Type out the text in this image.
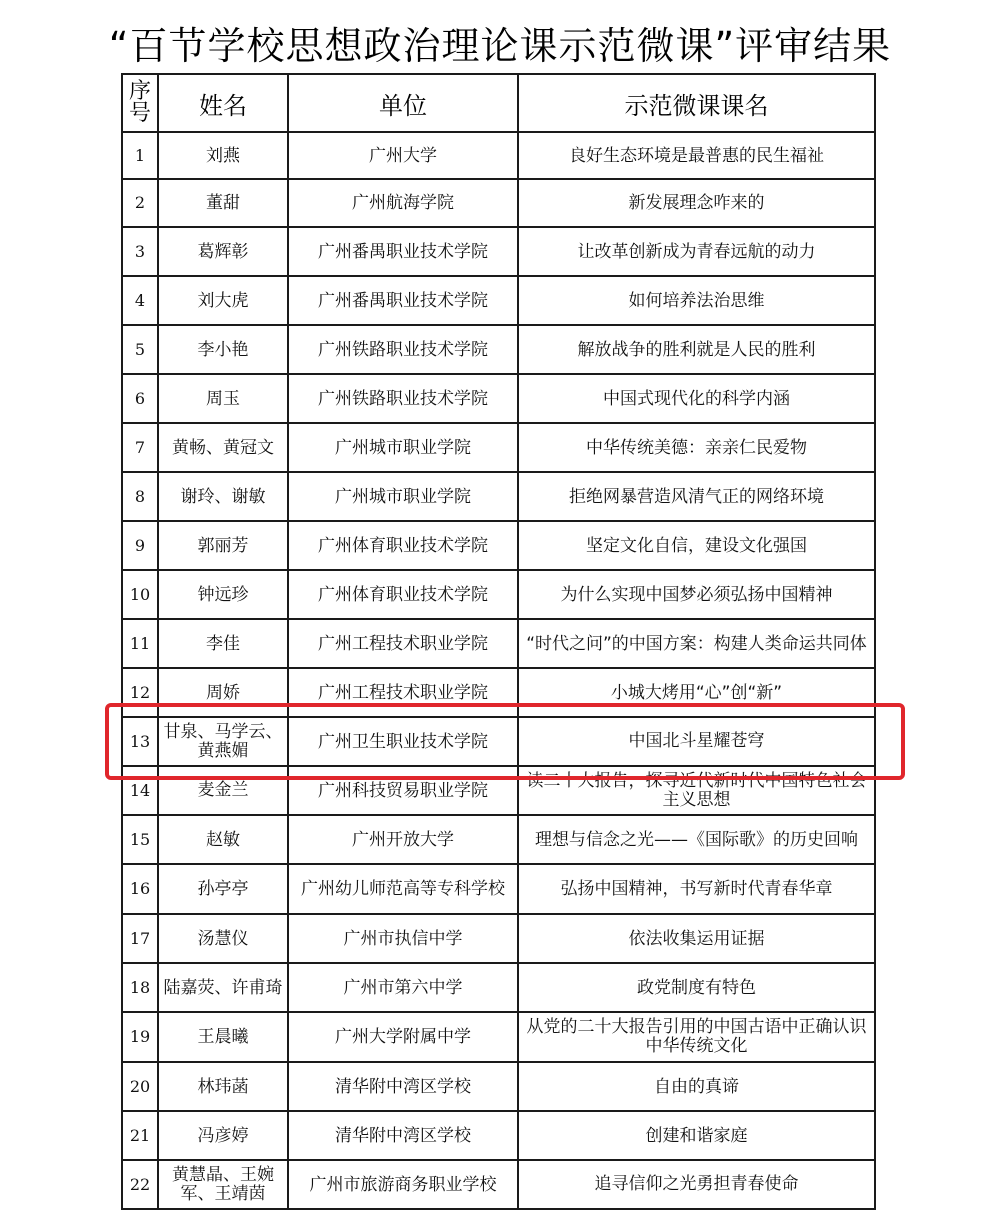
“百节学校思想政治理论课示范微课”评审结果
序
号	姓名	单位	示范微课课名
1	刘燕	广州大学	良好生态环境是最普惠的民生福祉
2	董甜	广州航海学院	新发展理念咋来的
3	葛辉彰	广州番禺职业技术学院	让改革创新成为青春远航的动力
4	刘大虎	广州番禺职业技术学院	如何培养法治思维
5	李小艳	广州铁路职业技术学院	解放战争的胜利就是人民的胜利
6	周玉	广州铁路职业技术学院	中国式现代化的科学内涵
7	黄畅、黄冠文	广州城市职业学院	中华传统美德：亲亲仁民爱物
8	谢玲、谢敏	广州城市职业学院	拒绝网暴营造风清气正的网络环境
9	郭丽芳	广州体育职业技术学院	坚定文化自信，建设文化强国
10	钟远珍	广州体育职业技术学院	为什么实现中国梦必须弘扬中国精神
11	李佳	广州工程技术职业学院	“时代之问”的中国方案：构建人类命运共同体
12	周娇	广州工程技术职业学院	小城大烤用“心”创“新”
13	甘泉、马学云、黄燕媚	广州卫生职业技术学院	中国北斗星耀苍穹
14	麦金兰	广州科技贸易职业学院	读二十大报告，探寻近代新时代中国特色社会主义思想
15	赵敏	广州开放大学	理想与信念之光——《国际歌》的历史回响
16	孙亭亭	广州幼儿师范高等专科学校	弘扬中国精神，书写新时代青春华章
17	汤慧仪	广州市执信中学	依法收集运用证据
18	陆嘉荧、许甫琦	广州市第六中学	政党制度有特色
19	王晨曦	广州大学附属中学	从党的二十大报告引用的中国古语中正确认识中华传统文化
20	林玮菡	清华附中湾区学校	自由的真谛
21	冯彦婷	清华附中湾区学校	创建和谐家庭
22	黄慧晶、王婉军、王靖茵	广州市旅游商务职业学校	追寻信仰之光勇担青春使命
